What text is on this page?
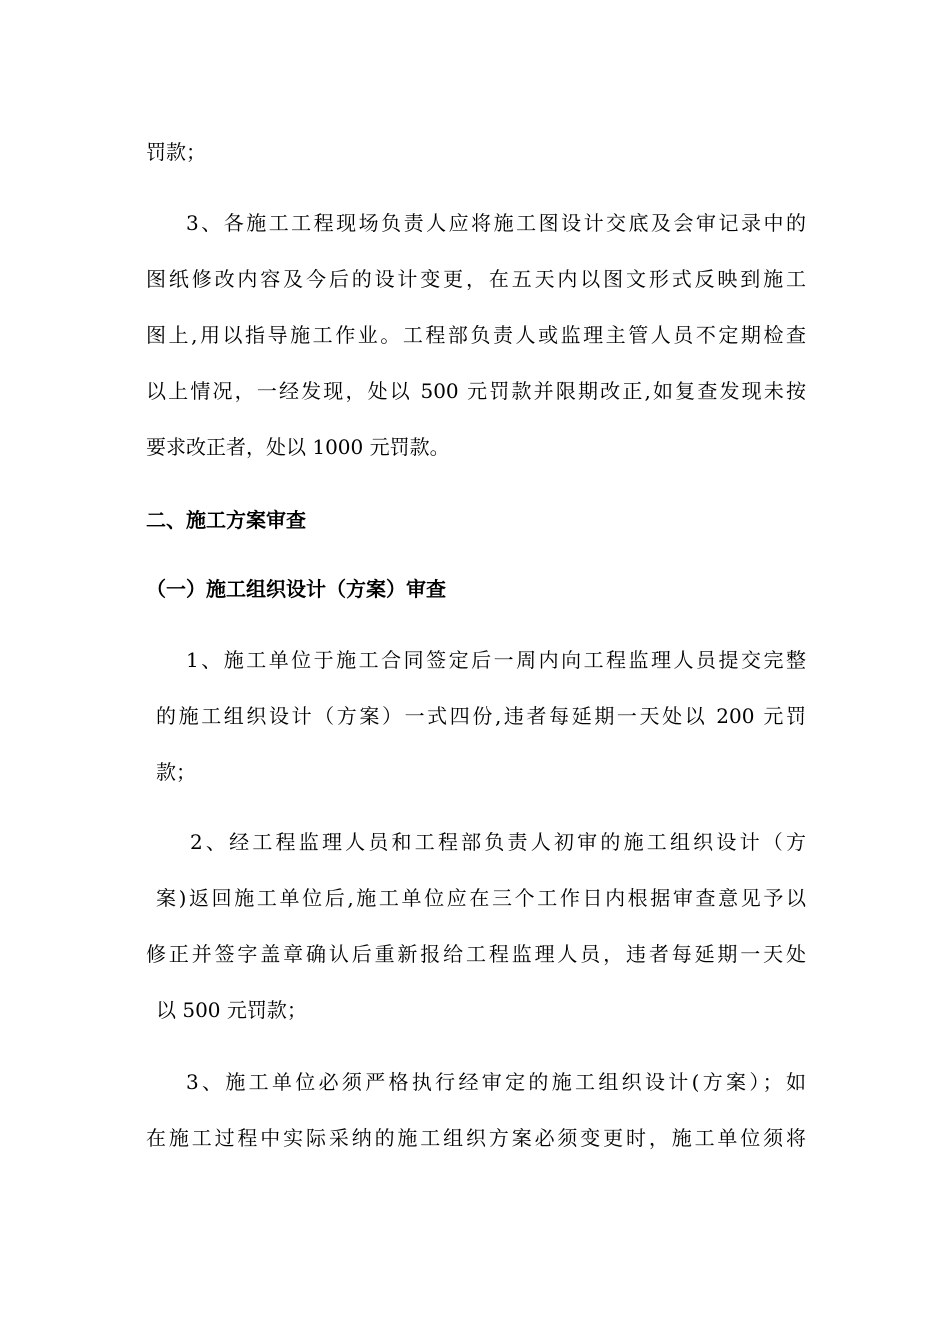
罚款；
3、各施工工程现场负责人应将施工图设计交底及会审记录中的
图纸修改内容及今后的设计变更，在五天内以图文形式反映到施工
图上,用以指导施工作业。工程部负责人或监理主管人员不定期检查
以上情况，一经发现，处以 500 元罚款并限期改正,如复查发现未按
要求改正者，处以 1000 元罚款。
二、施工方案审查
（一）施工组织设计（方案）审查
1、施工单位于施工合同签定后一周内向工程监理人员提交完整
的施工组织设计（方案）一式四份,违者每延期一天处以 200 元罚
款；
2、经工程监理人员和工程部负责人初审的施工组织设计（方
案)返回施工单位后,施工单位应在三个工作日内根据审查意见予以
修正并签字盖章确认后重新报给工程监理人员，违者每延期一天处
以 500 元罚款；
3、施工单位必须严格执行经审定的施工组织设计(方案）；如
在施工过程中实际采纳的施工组织方案必须变更时，施工单位须将
